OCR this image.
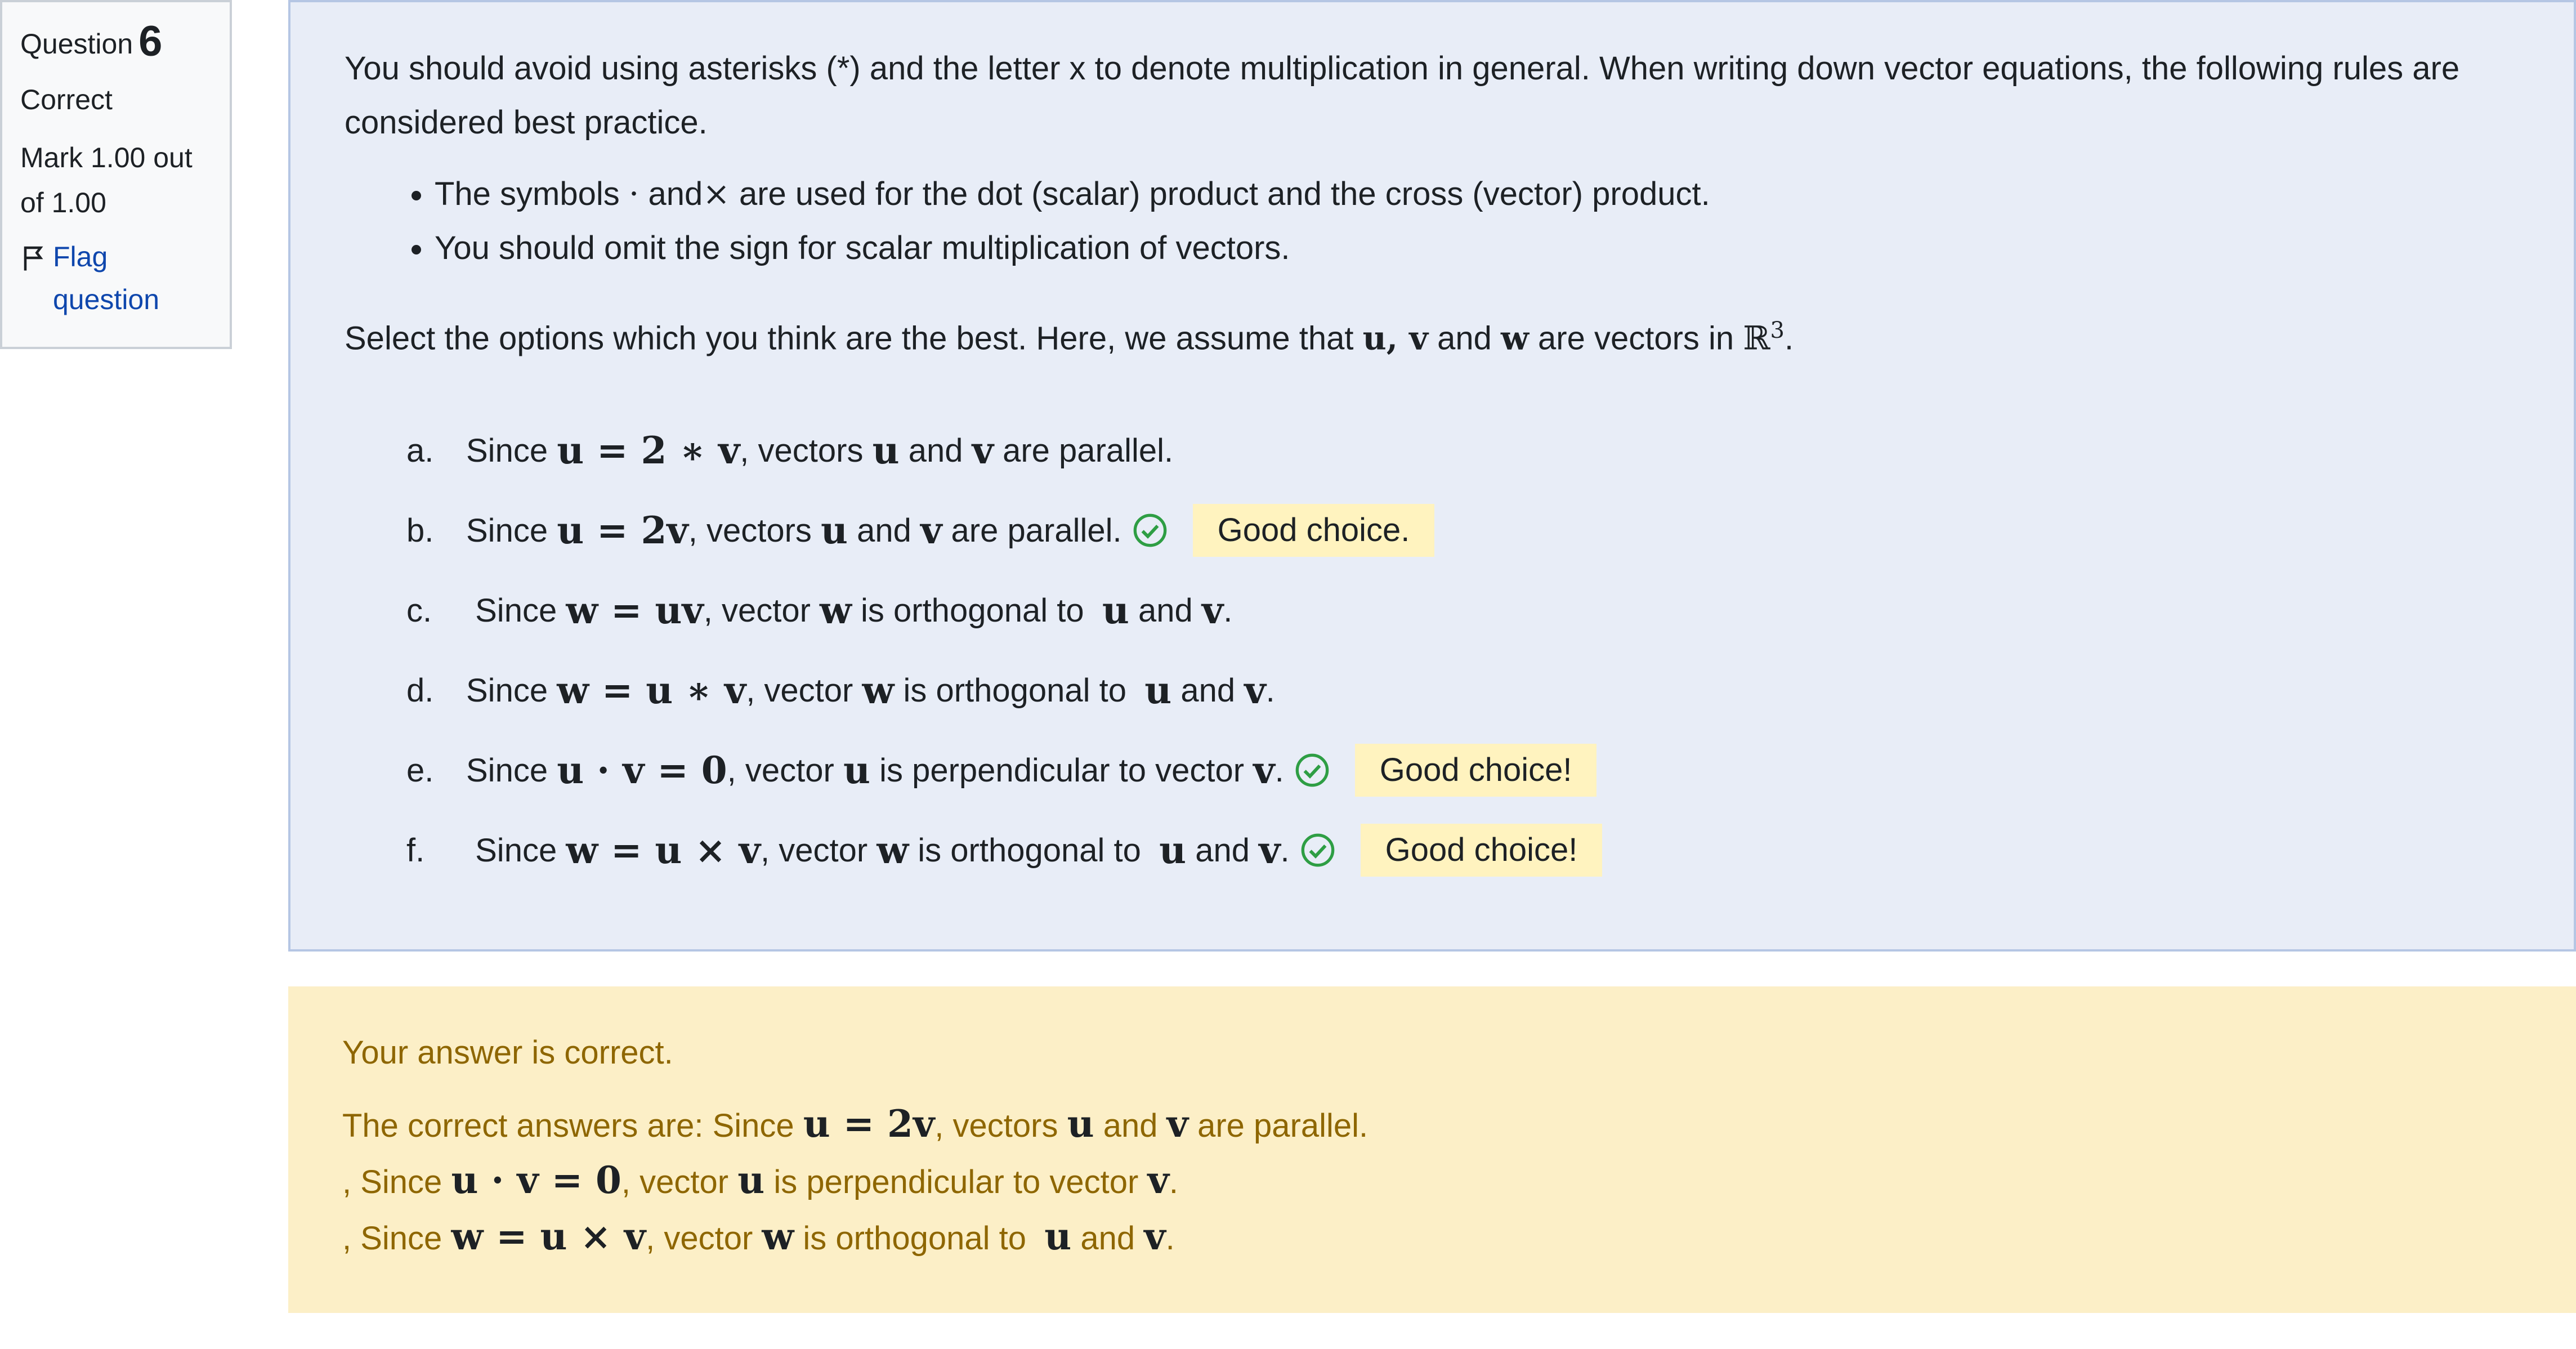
Question 6
Correct
Mark 1.00 out
of 1.00
Flag
question

You should avoid using asterisks (*) and the letter x to denote multiplication in general. When writing down vector equations, the following rules are considered best practice.

• The symbols · and× are used for the dot (scalar) product and the cross (vector) product.
• You should omit the sign for scalar multiplication of vectors.
Select the options which you think are the best. Here, we assume that u, v and w are vectors in ℝ$^3$.
a. Since
u = 2 ∗ v , vectors
u
and
v
are parallel.
b. Since
u = 2v , vectors
u
and
v
are parallel.	Good choice.
c.
	Since
w = uv , vector
w
is orthogonal to
u
and
v .
d. Since
w = u ∗ v , vector
w
is orthogonal to
u
and
v .
e. Since
u · v = 0 , vector
u
is perpendicular to vector
v .	Good choice!
f.
	Since
w = u × v , vector
w
is orthogonal to
u
and
v .	Good choice!
Your answer is correct.
The correct answers are: Since u = 2v, vectors u and v are parallel.
, Since u · v = 0, vector u is perpendicular to vector v.
, Since w = u × v, vector w is orthogonal to u and v.
